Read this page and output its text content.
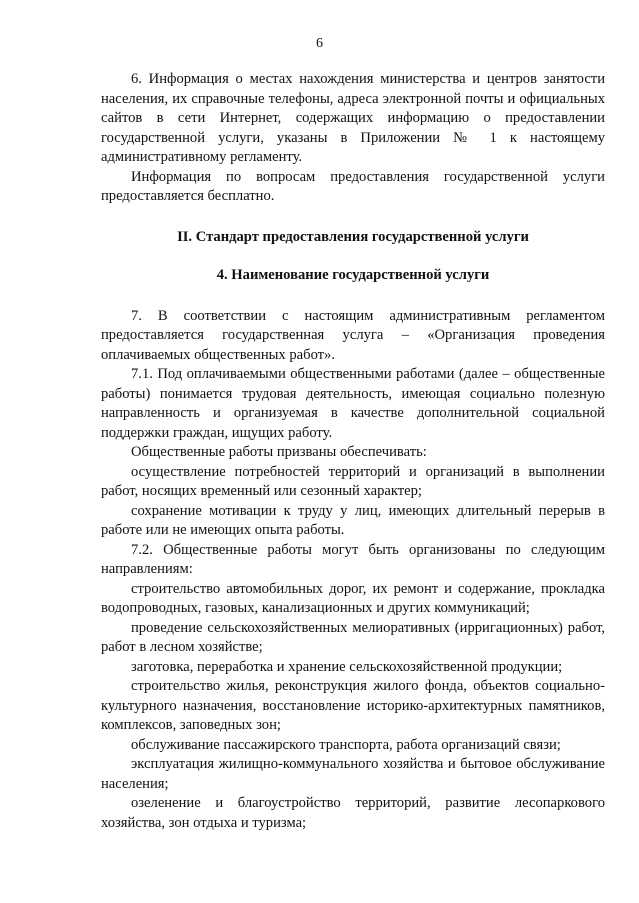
6

6. Информация о местах нахождения министерства и центров занятости населения, их справочные телефоны, адреса электронной почты и официальных сайтов в сети Интернет, содержащих информацию о предоставлении государственной услуги, указаны в Приложении № 1 к настоящему административному регламенту.

Информация по вопросам предоставления государственной услуги предоставляется бесплатно.

II. Стандарт предоставления государственной услуги

4. Наименование государственной услуги

7. В соответствии с настоящим административным регламентом предоставляется государственная услуга – «Организация проведения оплачиваемых общественных работ».

7.1. Под оплачиваемыми общественными работами (далее – общественные работы) понимается трудовая деятельность, имеющая социально полезную направленность и организуемая в качестве дополнительной социальной поддержки граждан, ищущих работу.

Общественные работы призваны обеспечивать:

осуществление потребностей территорий и организаций в выполнении работ, носящих временный или сезонный характер;

сохранение мотивации к труду у лиц, имеющих длительный перерыв в работе или не имеющих опыта работы.

7.2. Общественные работы могут быть организованы по следующим направлениям:

строительство автомобильных дорог, их ремонт и содержание, прокладка водопроводных, газовых, канализационных и других коммуникаций;

проведение сельскохозяйственных мелиоративных (ирригационных) работ, работ в лесном хозяйстве;

заготовка, переработка и хранение сельскохозяйственной продукции;

строительство жилья, реконструкция жилого фонда, объектов социально-культурного назначения, восстановление историко-архитектурных памятников, комплексов, заповедных зон;

обслуживание пассажирского транспорта, работа организаций связи;

эксплуатация жилищно-коммунального хозяйства и бытовое обслуживание населения;

озеленение и благоустройство территорий, развитие лесопаркового хозяйства, зон отдыха и туризма;
